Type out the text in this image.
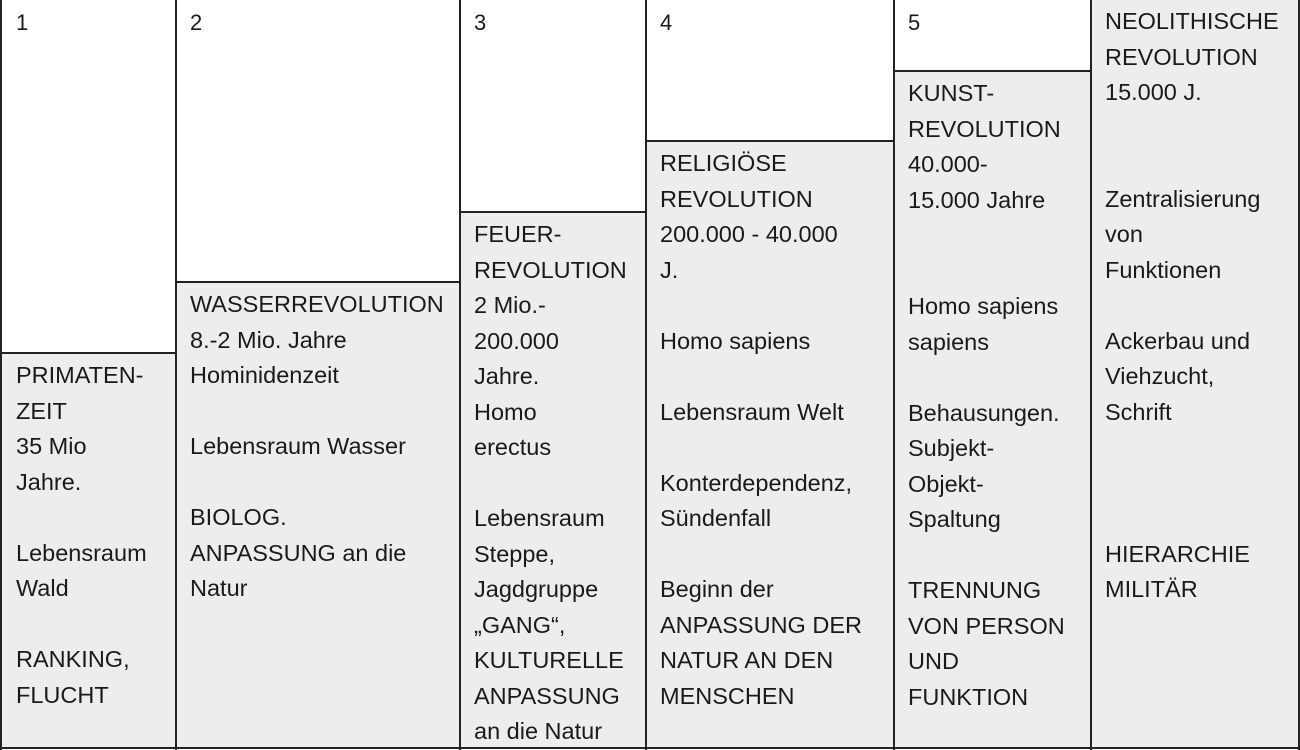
1
PRIMATEN-
ZEIT
35 Mio
Jahre.
Lebensraum
Wald
RANKING,
FLUCHT
2
WASSERREVOLUTION
8.-2 Mio. Jahre
Hominidenzeit
Lebensraum Wasser
BIOLOG.
ANPASSUNG an die
Natur
3
FEUER-
REVOLUTION
2 Mio.-
200.000
Jahre.
Homo
erectus
Lebensraum
Steppe,
Jagdgruppe
„GANG“,
KULTURELLE
ANPASSUNG
an die Natur
4
RELIGIÖSE
REVOLUTION
200.000 - 40.000
J.
Homo sapiens
Lebensraum Welt
Konterdependenz,
Sündenfall
Beginn der
ANPASSUNG DER
NATUR AN DEN
MENSCHEN
5
KUNST-
REVOLUTION
40.000-
15.000 Jahre
Homo sapiens
sapiens
Behausungen.
Subjekt-
Objekt-
Spaltung
TRENNUNG
VON PERSON
UND
FUNKTION
NEOLITHISCHE
REVOLUTION
15.000 J.
Zentralisierung
von
Funktionen
Ackerbau und
Viehzucht,
Schrift
HIERARCHIE
MILITÄR
